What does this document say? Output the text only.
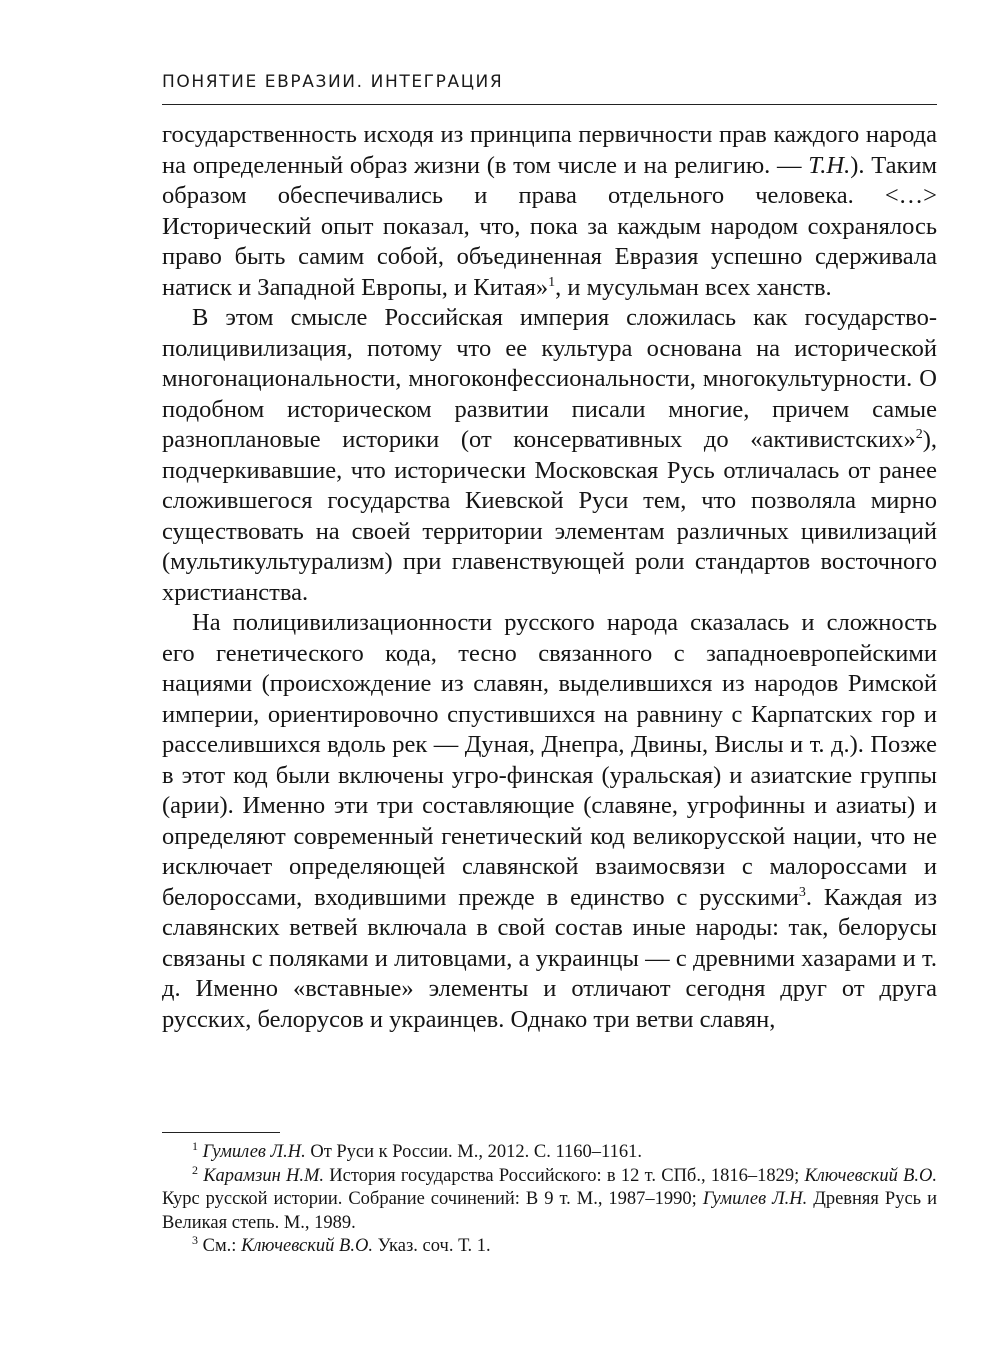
ПОНЯТИЕ ЕВРАЗИИ. ИНТЕГРАЦИЯ

государственность исходя из принципа первичности прав каждого народа на определенный образ жизни (в том числе и на религию. — Т.Н.). Таким образом обеспечивались и права отдельного человека. <…> Исторический опыт показал, что, пока за каждым народом сохранялось право быть самим собой, объединенная Евразия успешно сдерживала натиск и Западной Европы, и Китая»$^1$, и мусульман всех ханств.

В этом смысле Российская империя сложилась как государство-полицивилизация, потому что ее культура основана на исторической многонациональности, многоконфессиональности, многокультурности. О подобном историческом развитии писали многие, причем самые разноплановые историки (от консервативных до «активистских»$^2$), подчеркивавшие, что исторически Московская Русь отличалась от ранее сложившегося государства Киевской Руси тем, что позволяла мирно существовать на своей территории элементам различных цивилизаций (мультикультурализм) при главенствующей роли стандартов восточного христианства.

На полицивилизационности русского народа сказалась и сложность его генетического кода, тесно связанного с западноевропейскими нациями (происхождение из славян, выделившихся из народов Римской империи, ориентировочно спустившихся на равнину с Карпатских гор и расселившихся вдоль рек — Дуная, Днепра, Двины, Вислы и т. д.). Позже в этот код были включены угро-финская (уральская) и азиатские группы (арии). Именно эти три составляющие (славяне, угрофинны и азиаты) и определяют современный генетический код великорусской нации, что не исключает определяющей славянской взаимосвязи с малороссами и белороссами, входившими прежде в единство с русскими$^3$. Каждая из славянских ветвей включала в свой состав иные народы: так, белорусы связаны с поляками и литовцами, а украинцы — с древними хазарами и т. д. Именно «вставные» элементы и отличают сегодня друг от друга русских, белорусов и украинцев. Однако три ветви славян,

$^1$ Гумилев Л.Н. От Руси к России. М., 2012. С. 1160–1161.

$^2$ Карамзин Н.М. История государства Российского: в 12 т. СПб., 1816–1829; Ключевский В.О. Курс русской истории. Собрание сочинений: В 9 т. М., 1987–1990; Гумилев Л.Н. Древняя Русь и Великая степь. М., 1989.

$^3$ См.: Ключевский В.О. Указ. соч. Т. 1.
